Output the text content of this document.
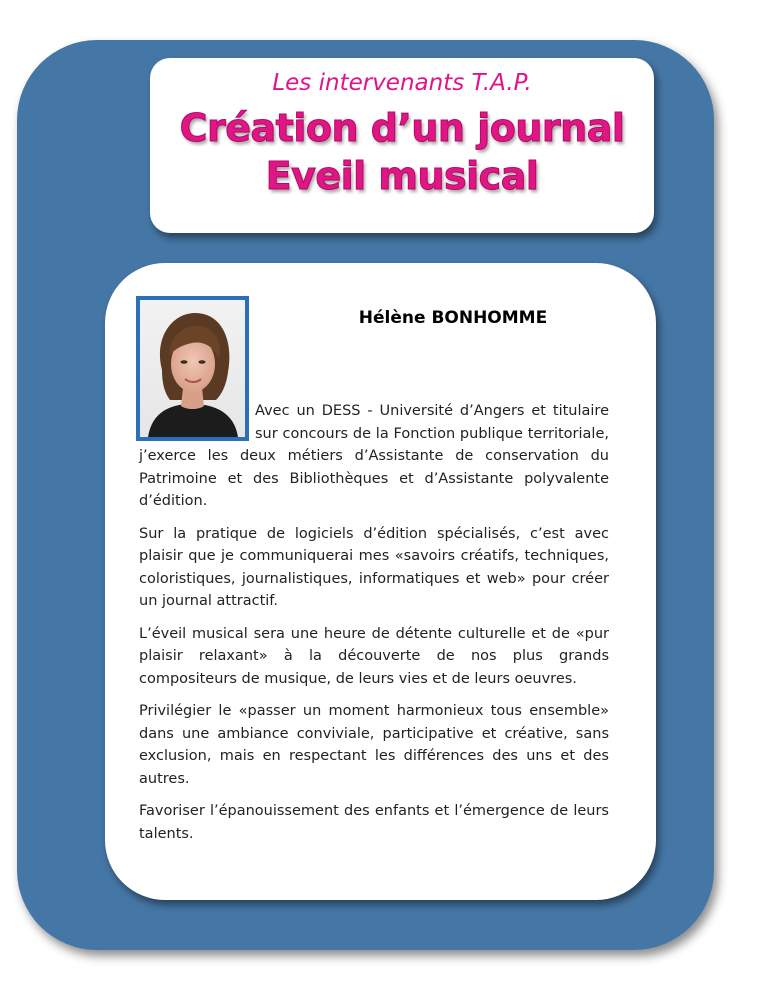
Les intervenants T.A.P.
Création d’un journal
Eveil musical
Hélène BONHOMME

Avec un DESS - Université d’Angers et titulaire sur concours de la Fonction publique territoriale, j’exerce les deux métiers d’Assistante de conservation du Patrimoine et des Bibliothèques et d’Assistante polyvalente d’édition.

Sur la pratique de logiciels d’édition spécialisés, c’est avec plaisir que je communiquerai mes «savoirs créatifs, techniques, coloristiques, journalistiques, informatiques et web» pour créer un journal attractif.

L’éveil musical sera une heure de détente culturelle et de «pur plaisir relaxant» à la découverte de nos plus grands compositeurs de musique, de leurs vies et de leurs oeuvres.

Privilégier le «passer un moment harmonieux tous ensemble» dans une ambiance conviviale, participative et créative, sans exclusion, mais en respectant les différences des uns et des autres.

Favoriser l’épanouissement des enfants et l’émergence de leurs talents.
